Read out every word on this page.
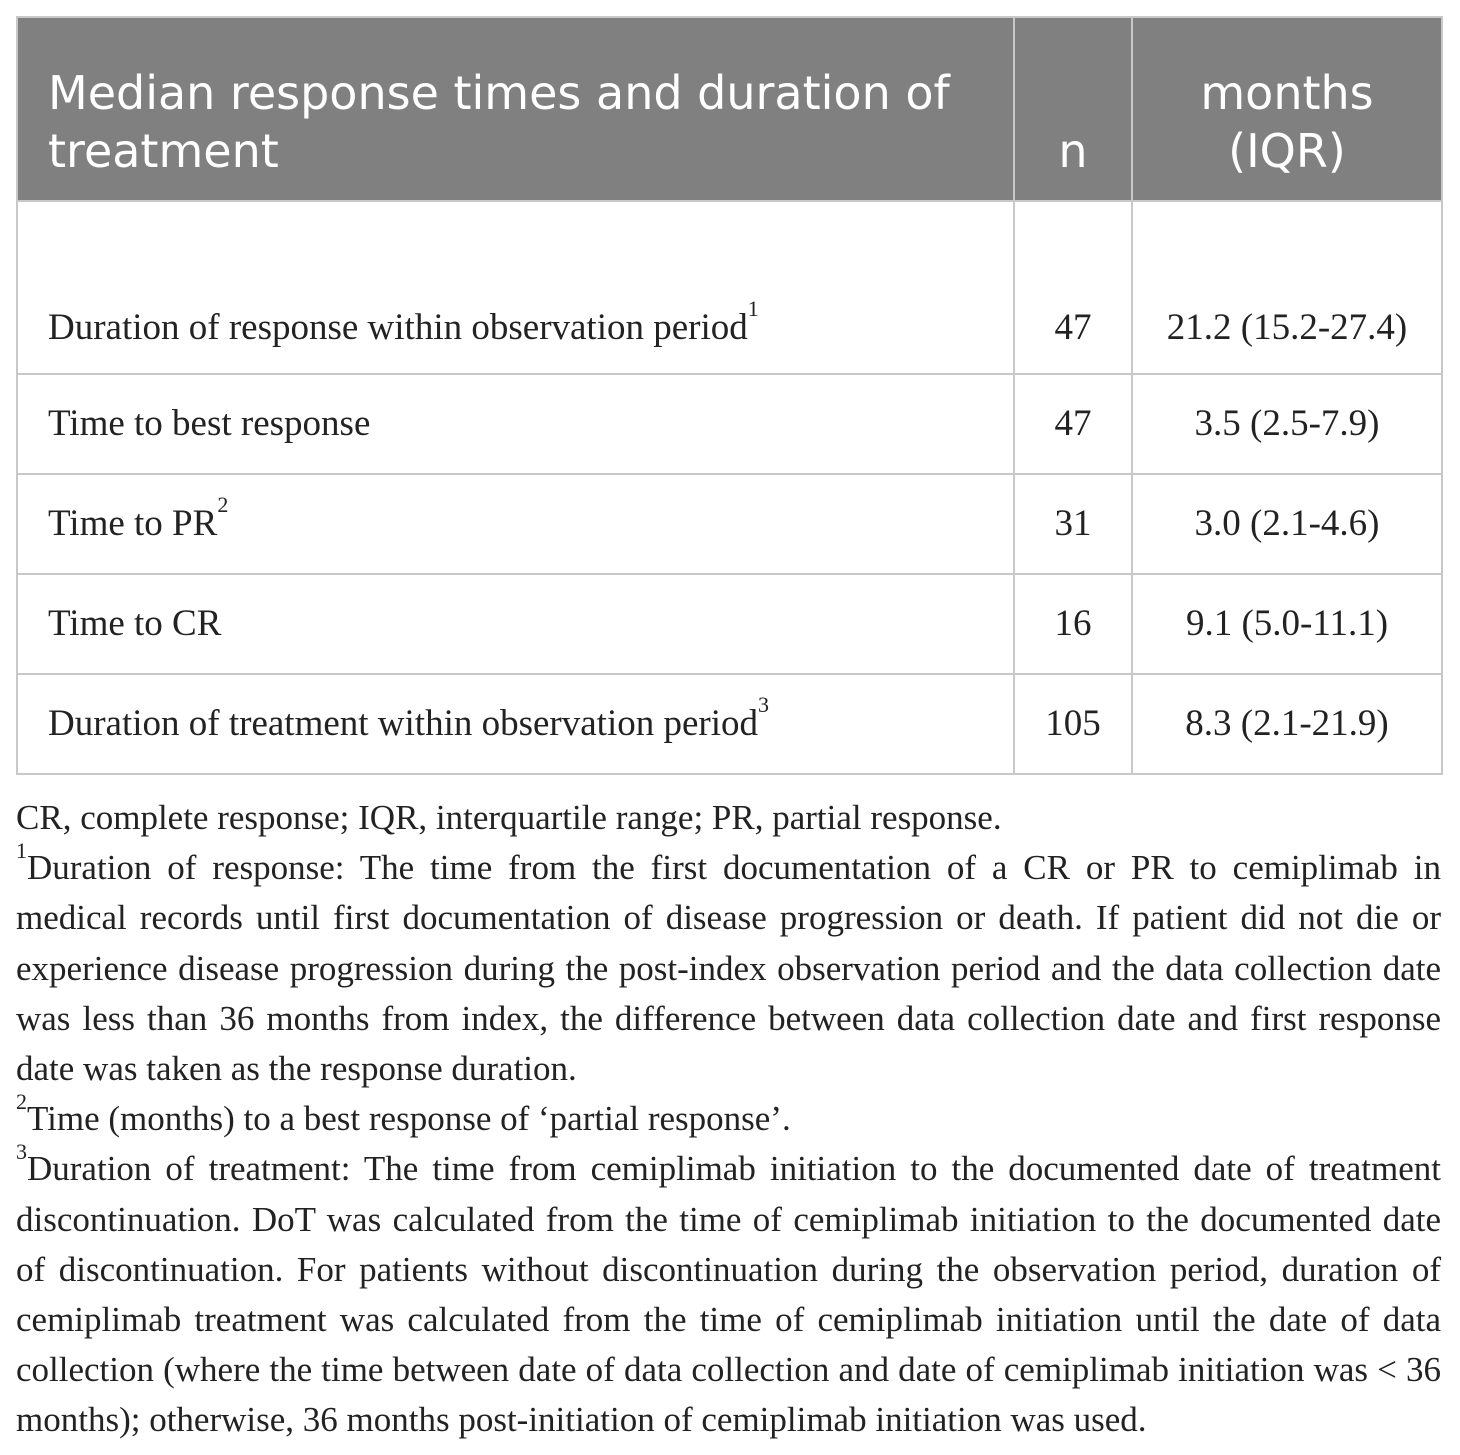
Median response times and duration of treatment	n	months (IQR)
Duration of response within observation period$^1$	47	21.2 (15.2-27.4)
Time to best response	47	3.5 (2.5-7.9)
Time to $PR^2$	31	3.0 (2.1-4.6)
Time to CR	16	9.1 (5.0-11.1)
Duration of treatment within observation period$^3$	105	8.3 (2.1-21.9)

CR, complete response; IQR, interquartile range; PR, partial response.

$^1$Duration of response: The time from the first documentation of a CR or PR to cemiplimab in medical records until first documentation of disease progression or death. If patient did not die or experience disease progression during the post-index observation period and the data collection date was less than 36 months from index, the difference between data collection date and first response date was taken as the response duration.

$^2$Time (months) to a best response of ‘partial response’.

$^3$Duration of treatment: The time from cemiplimab initiation to the documented date of treatment discontinuation. DoT was calculated from the time of cemiplimab initiation to the documented date of discontinuation. For patients without discontinuation during the observation period, duration of cemiplimab treatment was calculated from the time of cemiplimab initiation until the date of data collection (where the time between date of data collection and date of cemiplimab initiation was < 36 months); otherwise, 36 months post-initiation of cemiplimab initiation was used.
